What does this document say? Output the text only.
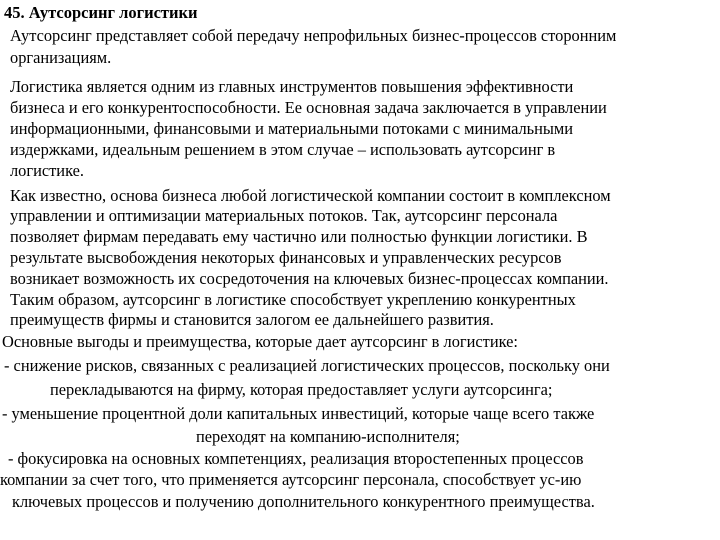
45. Аутсорсинг логистики
Аутсорсинг представляет собой передачу непрофильных бизнес-процессов сторонним
организациям.
Логистика является одним из главных инструментов повышения эффективности
бизнеса и его конкурентоспособности. Ее основная задача заключается в управлении
информационными, финансовыми и материальными потоками с минимальными
издержками, идеальным решением в этом случае – использовать аутсорсинг в
логистике.
Как известно, основа бизнеса любой логистической компании состоит в комплексном
управлении и оптимизации материальных потоков. Так, аутсорсинг персонала
позволяет фирмам передавать ему частично или полностью функции логистики. В
результате высвобождения некоторых финансовых и управленческих ресурсов
возникает возможность их сосредоточения на ключевых бизнес-процессах компании.
Таким образом, аутсорсинг в логистике способствует укреплению конкурентных
преимуществ фирмы и становится залогом ее дальнейшего развития.
Основные выгоды и преимущества, которые дает аутсорсинг в логистике:
- снижение рисков, связанных с реализацией логистических процессов, поскольку они
перекладываются на фирму, которая предоставляет услуги аутсорсинга;
- уменьшение процентной доли капитальных инвестиций, которые чаще всего также
переходят на компанию-исполнителя;
- фокусировка на основных компетенциях, реализация второстепенных процессов
компании за счет того, что применяется аутсорсинг персонала, способствует ус-ию
ключевых процессов и получению дополнительного конкурентного преимущества.
